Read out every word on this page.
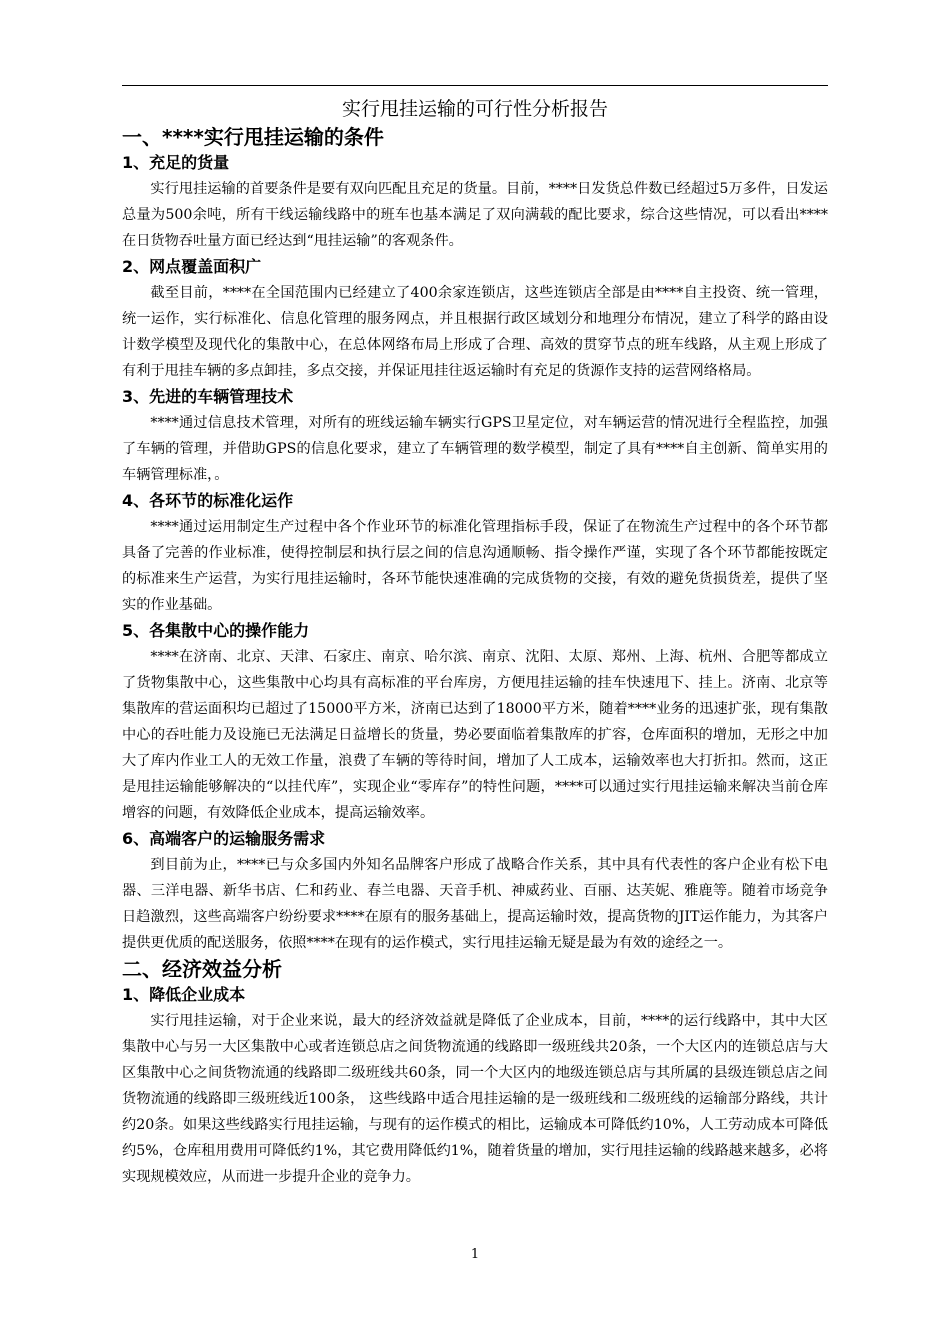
实行甩挂运输的可行性分析报告

一、****实行甩挂运输的条件

1、充足的货量

实行甩挂运输的首要条件是要有双向匹配且充足的货量。目前，****日发货总件数已经超过5万多件，日发运总量为500余吨，所有干线运输线路中的班车也基本满足了双向满载的配比要求，综合这些情况，可以看出****在日货物吞吐量方面已经达到“甩挂运输”的客观条件。

2、网点覆盖面积广

截至目前，****在全国范围内已经建立了400余家连锁店，这些连锁店全部是由****自主投资、统一管理，统一运作，实行标准化、信息化管理的服务网点，并且根据行政区域划分和地理分布情况，建立了科学的路由设计数学模型及现代化的集散中心，在总体网络布局上形成了合理、高效的贯穿节点的班车线路，从主观上形成了有利于甩挂车辆的多点卸挂，多点交接，并保证甩挂往返运输时有充足的货源作支持的运营网络格局。

3、先进的车辆管理技术

****通过信息技术管理，对所有的班线运输车辆实行GPS卫星定位，对车辆运营的情况进行全程监控，加强了车辆的管理，并借助GPS的信息化要求，建立了车辆管理的数学模型，制定了具有****自主创新、简单实用的车辆管理标准，。

4、各环节的标准化运作

****通过运用制定生产过程中各个作业环节的标准化管理指标手段，保证了在物流生产过程中的各个环节都具备了完善的作业标准，使得控制层和执行层之间的信息沟通顺畅、指令操作严谨，实现了各个环节都能按既定的标准来生产运营，为实行甩挂运输时，各环节能快速准确的完成货物的交接，有效的避免货损货差，提供了坚实的作业基础。

5、各集散中心的操作能力

****在济南、北京、天津、石家庄、南京、哈尔滨、南京、沈阳、太原、郑州、上海、杭州、合肥等都成立了货物集散中心，这些集散中心均具有高标准的平台库房，方便甩挂运输的挂车快速甩下、挂上。济南、北京等集散库的营运面积均已超过了15000平方米，济南已达到了18000平方米，随着****业务的迅速扩张，现有集散中心的吞吐能力及设施已无法满足日益增长的货量，势必要面临着集散库的扩容，仓库面积的增加，无形之中加大了库内作业工人的无效工作量，浪费了车辆的等待时间，增加了人工成本，运输效率也大打折扣。然而，这正是甩挂运输能够解决的“以挂代库”，实现企业“零库存”的特性问题，****可以通过实行甩挂运输来解决当前仓库增容的问题，有效降低企业成本，提高运输效率。

6、高端客户的运输服务需求

到目前为止，****已与众多国内外知名品牌客户形成了战略合作关系，其中具有代表性的客户企业有松下电器、三洋电器、新华书店、仁和药业、春兰电器、天音手机、神威药业、百丽、达芙妮、雅鹿等。随着市场竞争日趋激烈，这些高端客户纷纷要求****在原有的服务基础上，提高运输时效，提高货物的JIT运作能力，为其客户提供更优质的配送服务，依照****在现有的运作模式，实行甩挂运输无疑是最为有效的途经之一。

二、经济效益分析

1、降低企业成本

实行甩挂运输，对于企业来说，最大的经济效益就是降低了企业成本，目前，****的运行线路中，其中大区集散中心与另一大区集散中心或者连锁总店之间货物流通的线路即一级班线共20条，一个大区内的连锁总店与大区集散中心之间货物流通的线路即二级班线共60条，同一个大区内的地级连锁总店与其所属的县级连锁总店之间货物流通的线路即三级班线近100条， 这些线路中适合甩挂运输的是一级班线和二级班线的运输部分路线，共计约20条。如果这些线路实行甩挂运输，与现有的运作模式的相比，运输成本可降低约10%，人工劳动成本可降低约5%，仓库租用费用可降低约1%，其它费用降低约1%，随着货量的增加，实行甩挂运输的线路越来越多，必将实现规模效应，从而进一步提升企业的竞争力。

1
